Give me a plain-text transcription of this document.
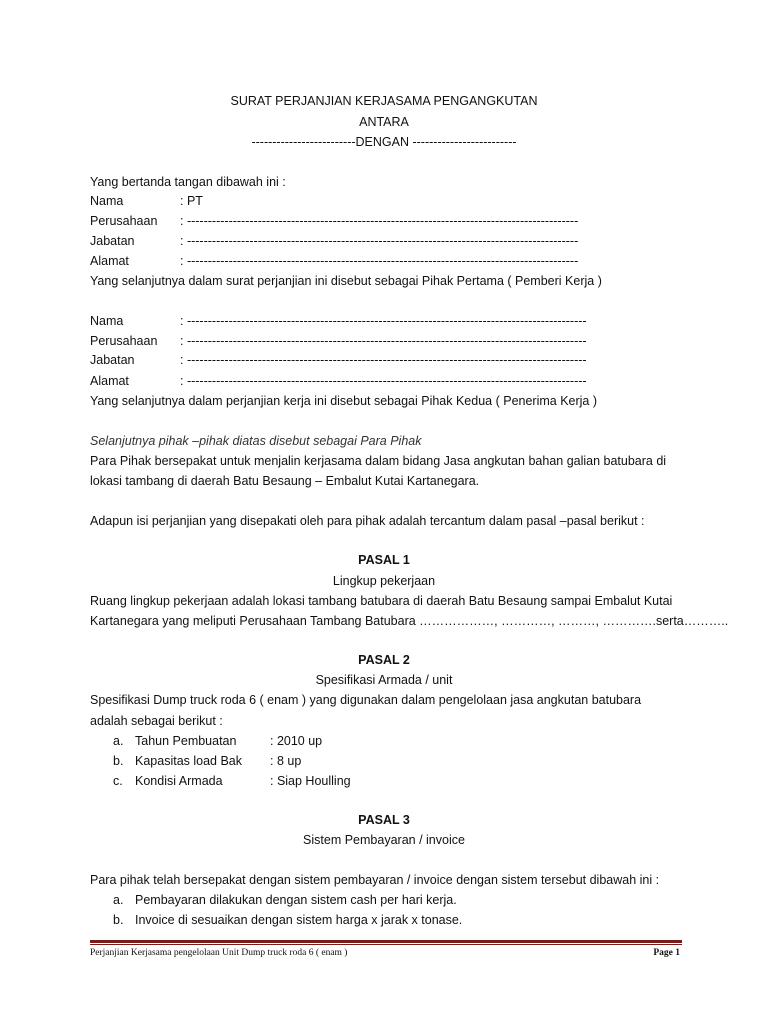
SURAT PERJANJIAN KERJASAMA PENGANGKUTAN
ANTARA
-------------------------DENGAN -------------------------
Yang bertanda tangan dibawah ini :
Nama	: PT
Perusahaan : ----------------------------------------------------------------------------------------------
Jabatan	: ----------------------------------------------------------------------------------------------
Alamat	: ----------------------------------------------------------------------------------------------
Yang selanjutnya dalam surat perjanjian ini disebut sebagai Pihak Pertama ( Pemberi Kerja )
Nama	: ------------------------------------------------------------------------------------------------
Perusahaan : ------------------------------------------------------------------------------------------------
Jabatan	: ------------------------------------------------------------------------------------------------
Alamat	: ------------------------------------------------------------------------------------------------
Yang selanjutnya dalam perjanjian kerja ini disebut sebagai Pihak Kedua ( Penerima Kerja )
Selanjutnya pihak –pihak diatas disebut sebagai Para Pihak
Para Pihak bersepakat untuk menjalin kerjasama dalam bidang Jasa angkutan bahan galian batubara di
lokasi tambang di daerah Batu Besaung – Embalut Kutai Kartanegara.
Adapun isi perjanjian yang disepakati oleh para pihak adalah tercantum dalam pasal –pasal berikut :
PASAL 1
Lingkup pekerjaan
Ruang lingkup pekerjaan adalah lokasi tambang batubara di daerah Batu Besaung sampai Embalut Kutai
Kartanegara yang meliputi Perusahaan Tambang Batubara ………………, …………, ………, ………….serta………..
PASAL 2
Spesifikasi Armada / unit
Spesifikasi Dump truck roda 6 ( enam ) yang digunakan dalam pengelolaan jasa angkutan batubara
adalah sebagai berikut :
a. Tahun Pembuatan	: 2010 up
b. Kapasitas load Bak : 8 up
c. Kondisi Armada	: Siap Houlling
PASAL 3
Sistem Pembayaran / invoice
Para pihak telah bersepakat dengan sistem pembayaran / invoice dengan sistem tersebut dibawah ini :
a. Pembayaran dilakukan dengan sistem cash per hari kerja.
b. Invoice di sesuaikan dengan sistem harga x jarak x tonase.
Perjanjian Kerjasama pengelolaan Unit Dump truck roda 6 ( enam )	Page 1
